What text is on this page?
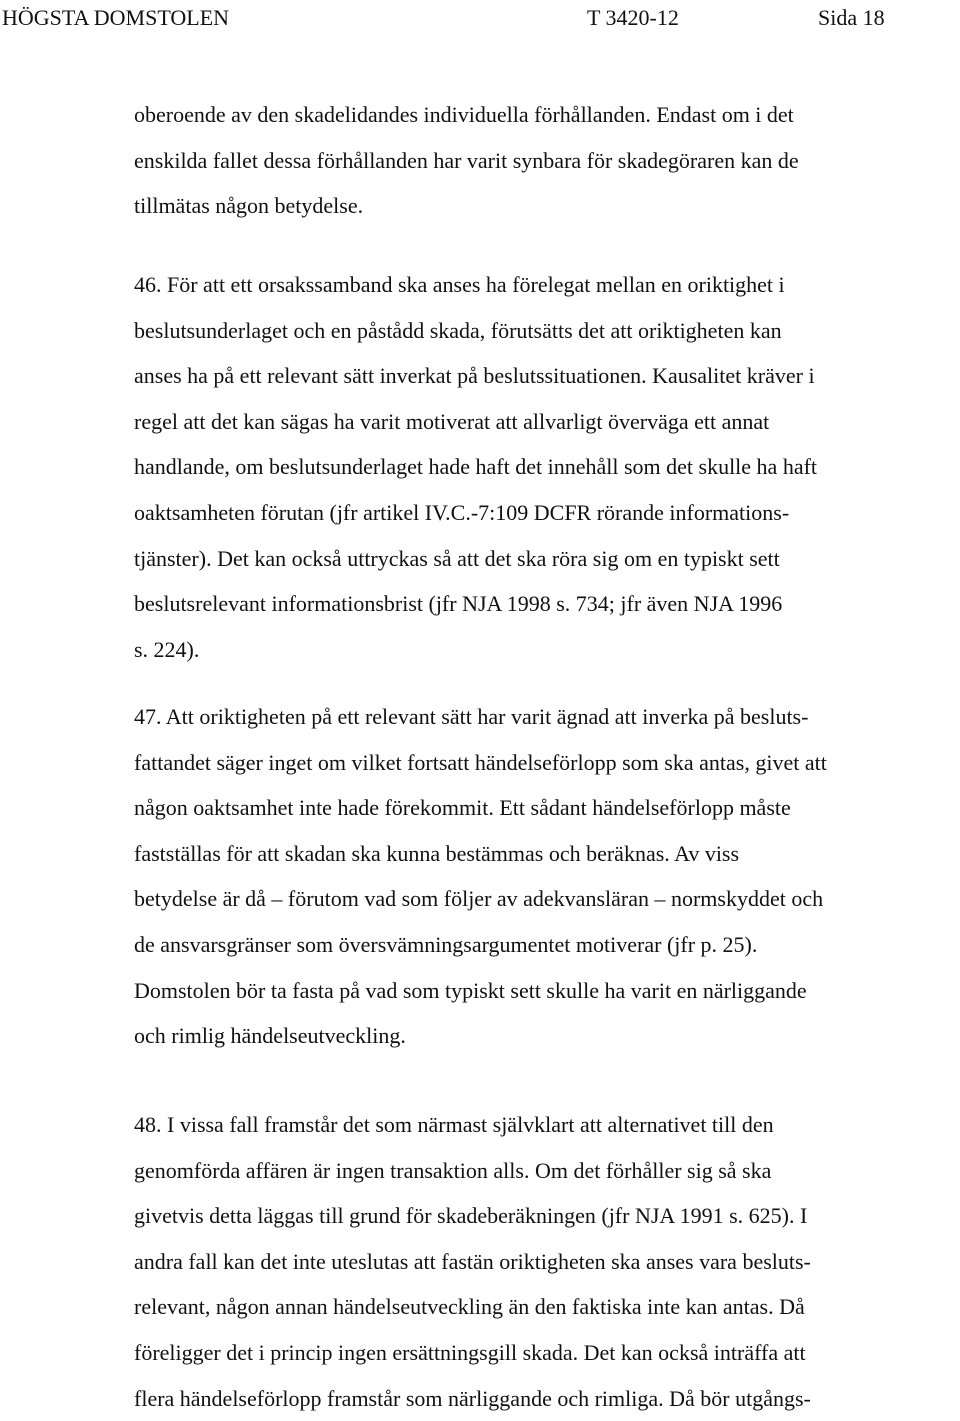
HÖGSTA DOMSTOLEN	T 3420-12	Sida 18
oberoende av den skadelidandes individuella förhållanden. Endast om i det
enskilda fallet dessa förhållanden har varit synbara för skadegöraren kan de
tillmätas någon betydelse.
46. För att ett orsakssamband ska anses ha förelegat mellan en oriktighet i
beslutsunderlaget och en påstådd skada, förutsätts det att oriktigheten kan
anses ha på ett relevant sätt inverkat på beslutssituationen. Kausalitet kräver i
regel att det kan sägas ha varit motiverat att allvarligt överväga ett annat
handlande, om beslutsunderlaget hade haft det innehåll som det skulle ha haft
oaktsamheten förutan (jfr artikel IV.C.-7:109 DCFR rörande informations-
tjänster). Det kan också uttryckas så att det ska röra sig om en typiskt sett
beslutsrelevant informationsbrist (jfr NJA 1998 s. 734; jfr även NJA 1996
s. 224).
47. Att oriktigheten på ett relevant sätt har varit ägnad att inverka på besluts-
fattandet säger inget om vilket fortsatt händelseförlopp som ska antas, givet att
någon oaktsamhet inte hade förekommit. Ett sådant händelseförlopp måste
fastställas för att skadan ska kunna bestämmas och beräknas. Av viss
betydelse är då – förutom vad som följer av adekvansläran – normskyddet och
de ansvarsgränser som översvämningsargumentet motiverar (jfr p. 25).
Domstolen bör ta fasta på vad som typiskt sett skulle ha varit en närliggande
och rimlig händelseutveckling.
48. I vissa fall framstår det som närmast självklart att alternativet till den
genomförda affären är ingen transaktion alls. Om det förhåller sig så ska
givetvis detta läggas till grund för skadeberäkningen (jfr NJA 1991 s. 625). I
andra fall kan det inte uteslutas att fastän oriktigheten ska anses vara besluts-
relevant, någon annan händelseutveckling än den faktiska inte kan antas. Då
föreligger det i princip ingen ersättningsgill skada. Det kan också inträffa att
flera händelseförlopp framstår som närliggande och rimliga. Då bör utgångs-
